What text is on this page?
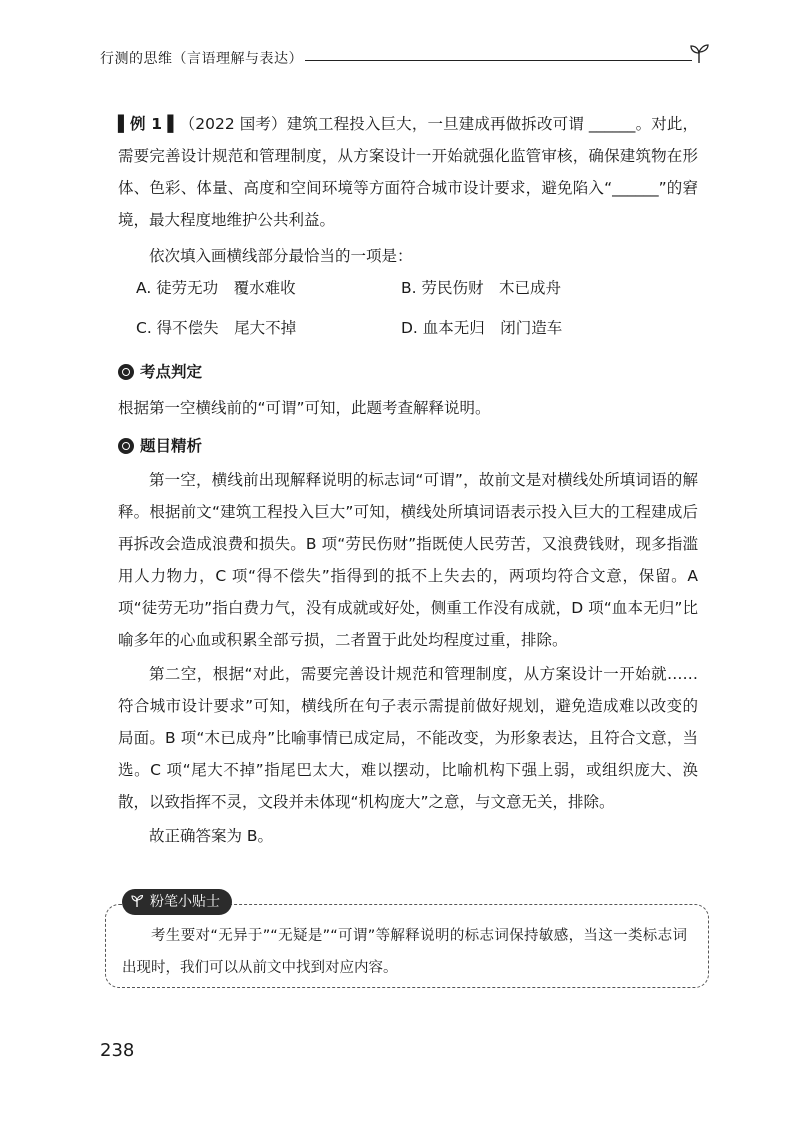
行测的思维（言语理解与表达）

▌例 1 ▌（2022 国考）建筑工程投入巨大，一旦建成再做拆改可谓 ______。对此，需要完善设计规范和管理制度，从方案设计一开始就强化监管审核，确保建筑物在形体、色彩、体量、高度和空间环境等方面符合城市设计要求，避免陷入“______”的窘境，最大程度地维护公共利益。

依次填入画横线部分最恰当的一项是：

A. 徒劳无功　覆水难收	B. 劳民伤财　木已成舟
C. 得不偿失　尾大不掉	D. 血本无归　闭门造车
考点判定

根据第一空横线前的“可谓”可知，此题考查解释说明。

题目精析

第一空，横线前出现解释说明的标志词“可谓”，故前文是对横线处所填词语的解释。根据前文“建筑工程投入巨大”可知，横线处所填词语表示投入巨大的工程建成后再拆改会造成浪费和损失。B 项“劳民伤财”指既使人民劳苦，又浪费钱财，现多指滥用人力物力，C 项“得不偿失”指得到的抵不上失去的，两项均符合文意，保留。A 项“徒劳无功”指白费力气，没有成就或好处，侧重工作没有成就，D 项“血本无归”比喻多年的心血或积累全部亏损，二者置于此处均程度过重，排除。

第二空，根据“对此，需要完善设计规范和管理制度，从方案设计一开始就……符合城市设计要求”可知，横线所在句子表示需提前做好规划，避免造成难以改变的局面。B 项“木已成舟”比喻事情已成定局，不能改变，为形象表达，且符合文意，当选。C 项“尾大不掉”指尾巴太大，难以摆动，比喻机构下强上弱，或组织庞大、涣散，以致指挥不灵，文段并未体现“机构庞大”之意，与文意无关，排除。

故正确答案为 B。

粉笔小贴士
考生要对“无异于”“无疑是”“可谓”等解释说明的标志词保持敏感，当这一类标志词出现时，我们可以从前文中找到对应内容。
238
